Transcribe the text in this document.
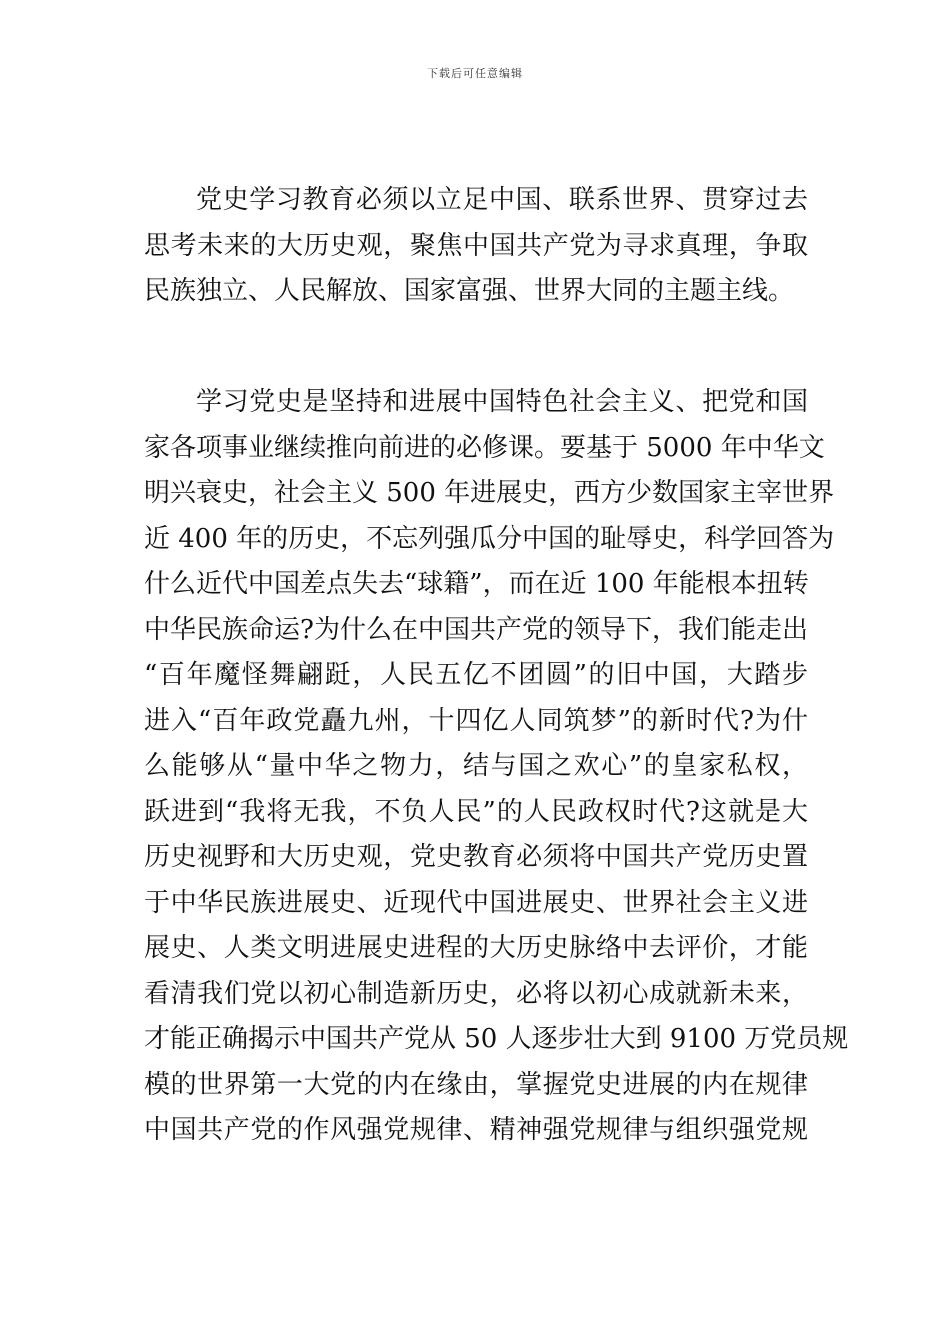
下载后可任意编辑
党史学习教育必须以立足中国、联系世界、贯穿过去
思考未来的大历史观，聚焦中国共产党为寻求真理，争取
民族独立、人民解放、国家富强、世界大同的主题主线。
学习党史是坚持和进展中国特色社会主义、把党和国
家各项事业继续推向前进的必修课。要基于 5000 年中华文
明兴衰史，社会主义 500 年进展史，西方少数国家主宰世界
近 400 年的历史，不忘列强瓜分中国的耻辱史，科学回答为
什么近代中国差点失去“球籍”，而在近 100 年能根本扭转
中华民族命运?为什么在中国共产党的领导下，我们能走出
“百年魔怪舞翩跹，人民五亿不团圆”的旧中国，大踏步
进入“百年政党矗九州，十四亿人同筑梦”的新时代?为什
么能够从“量中华之物力，结与国之欢心”的皇家私权，
跃进到“我将无我，不负人民”的人民政权时代?这就是大
历史视野和大历史观，党史教育必须将中国共产党历史置
于中华民族进展史、近现代中国进展史、世界社会主义进
展史、人类文明进展史进程的大历史脉络中去评价，才能
看清我们党以初心制造新历史，必将以初心成就新未来，
才能正确揭示中国共产党从 50 人逐步壮大到 9100 万党员规
模的世界第一大党的内在缘由，掌握党史进展的内在规律
中国共产党的作风强党规律、精神强党规律与组织强党规
